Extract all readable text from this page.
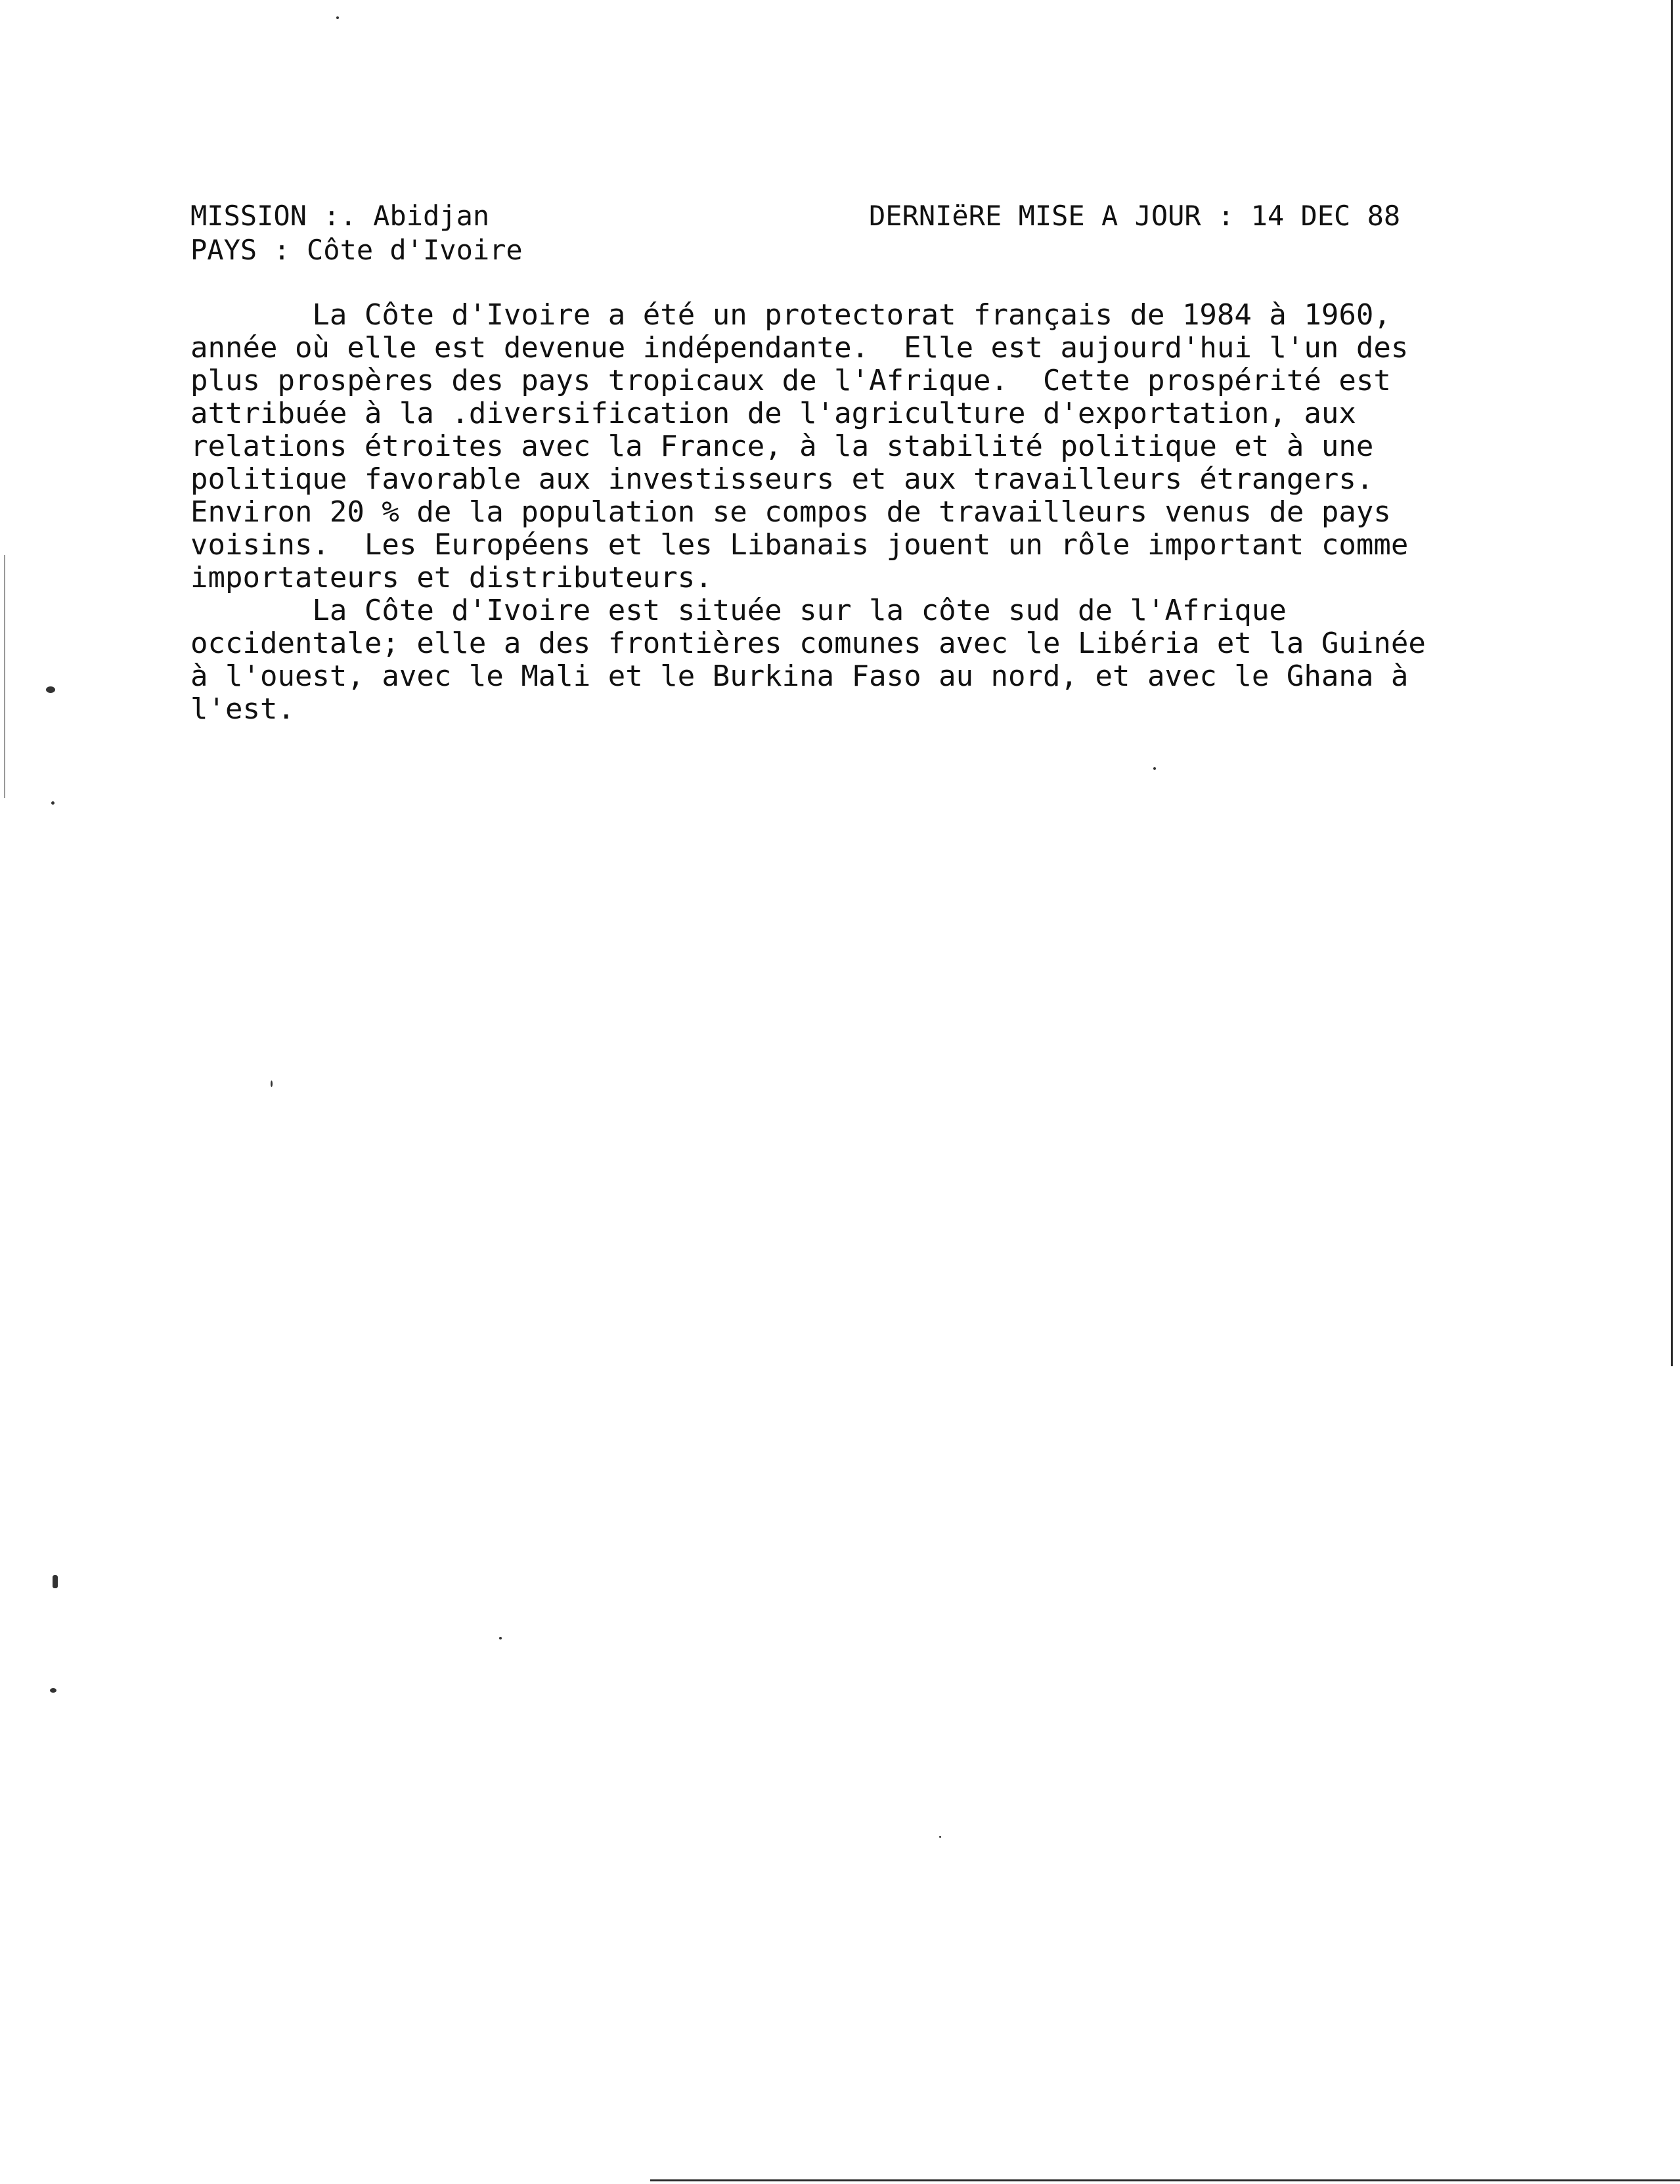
MISSION :. Abidjan
PAYS : Côte d'Ivoire
DERNIëRE MISE A JOUR : 14 DEC 88

La Côte d'Ivoire a été un protectorat français de 1984 à 1960,

année où elle est devenue indépendante.  Elle est aujourd'hui l'un des

plus prospères des pays tropicaux de l'Afrique.  Cette prospérité est

attribuée à la .diversification de l'agriculture d'exportation, aux

relations étroites avec la France, à la stabilité politique et à une

politique favorable aux investisseurs et aux travailleurs étrangers.

Environ 20 % de la population se compos de travailleurs venus de pays

voisins.  Les Européens et les Libanais jouent un rôle important comme

importateurs et distributeurs.

La Côte d'Ivoire est située sur la côte sud de l'Afrique

occidentale; elle a des frontières comunes avec le Libéria et la Guinée

à l'ouest, avec le Mali et le Burkina Faso au nord, et avec le Ghana à

l'est.
